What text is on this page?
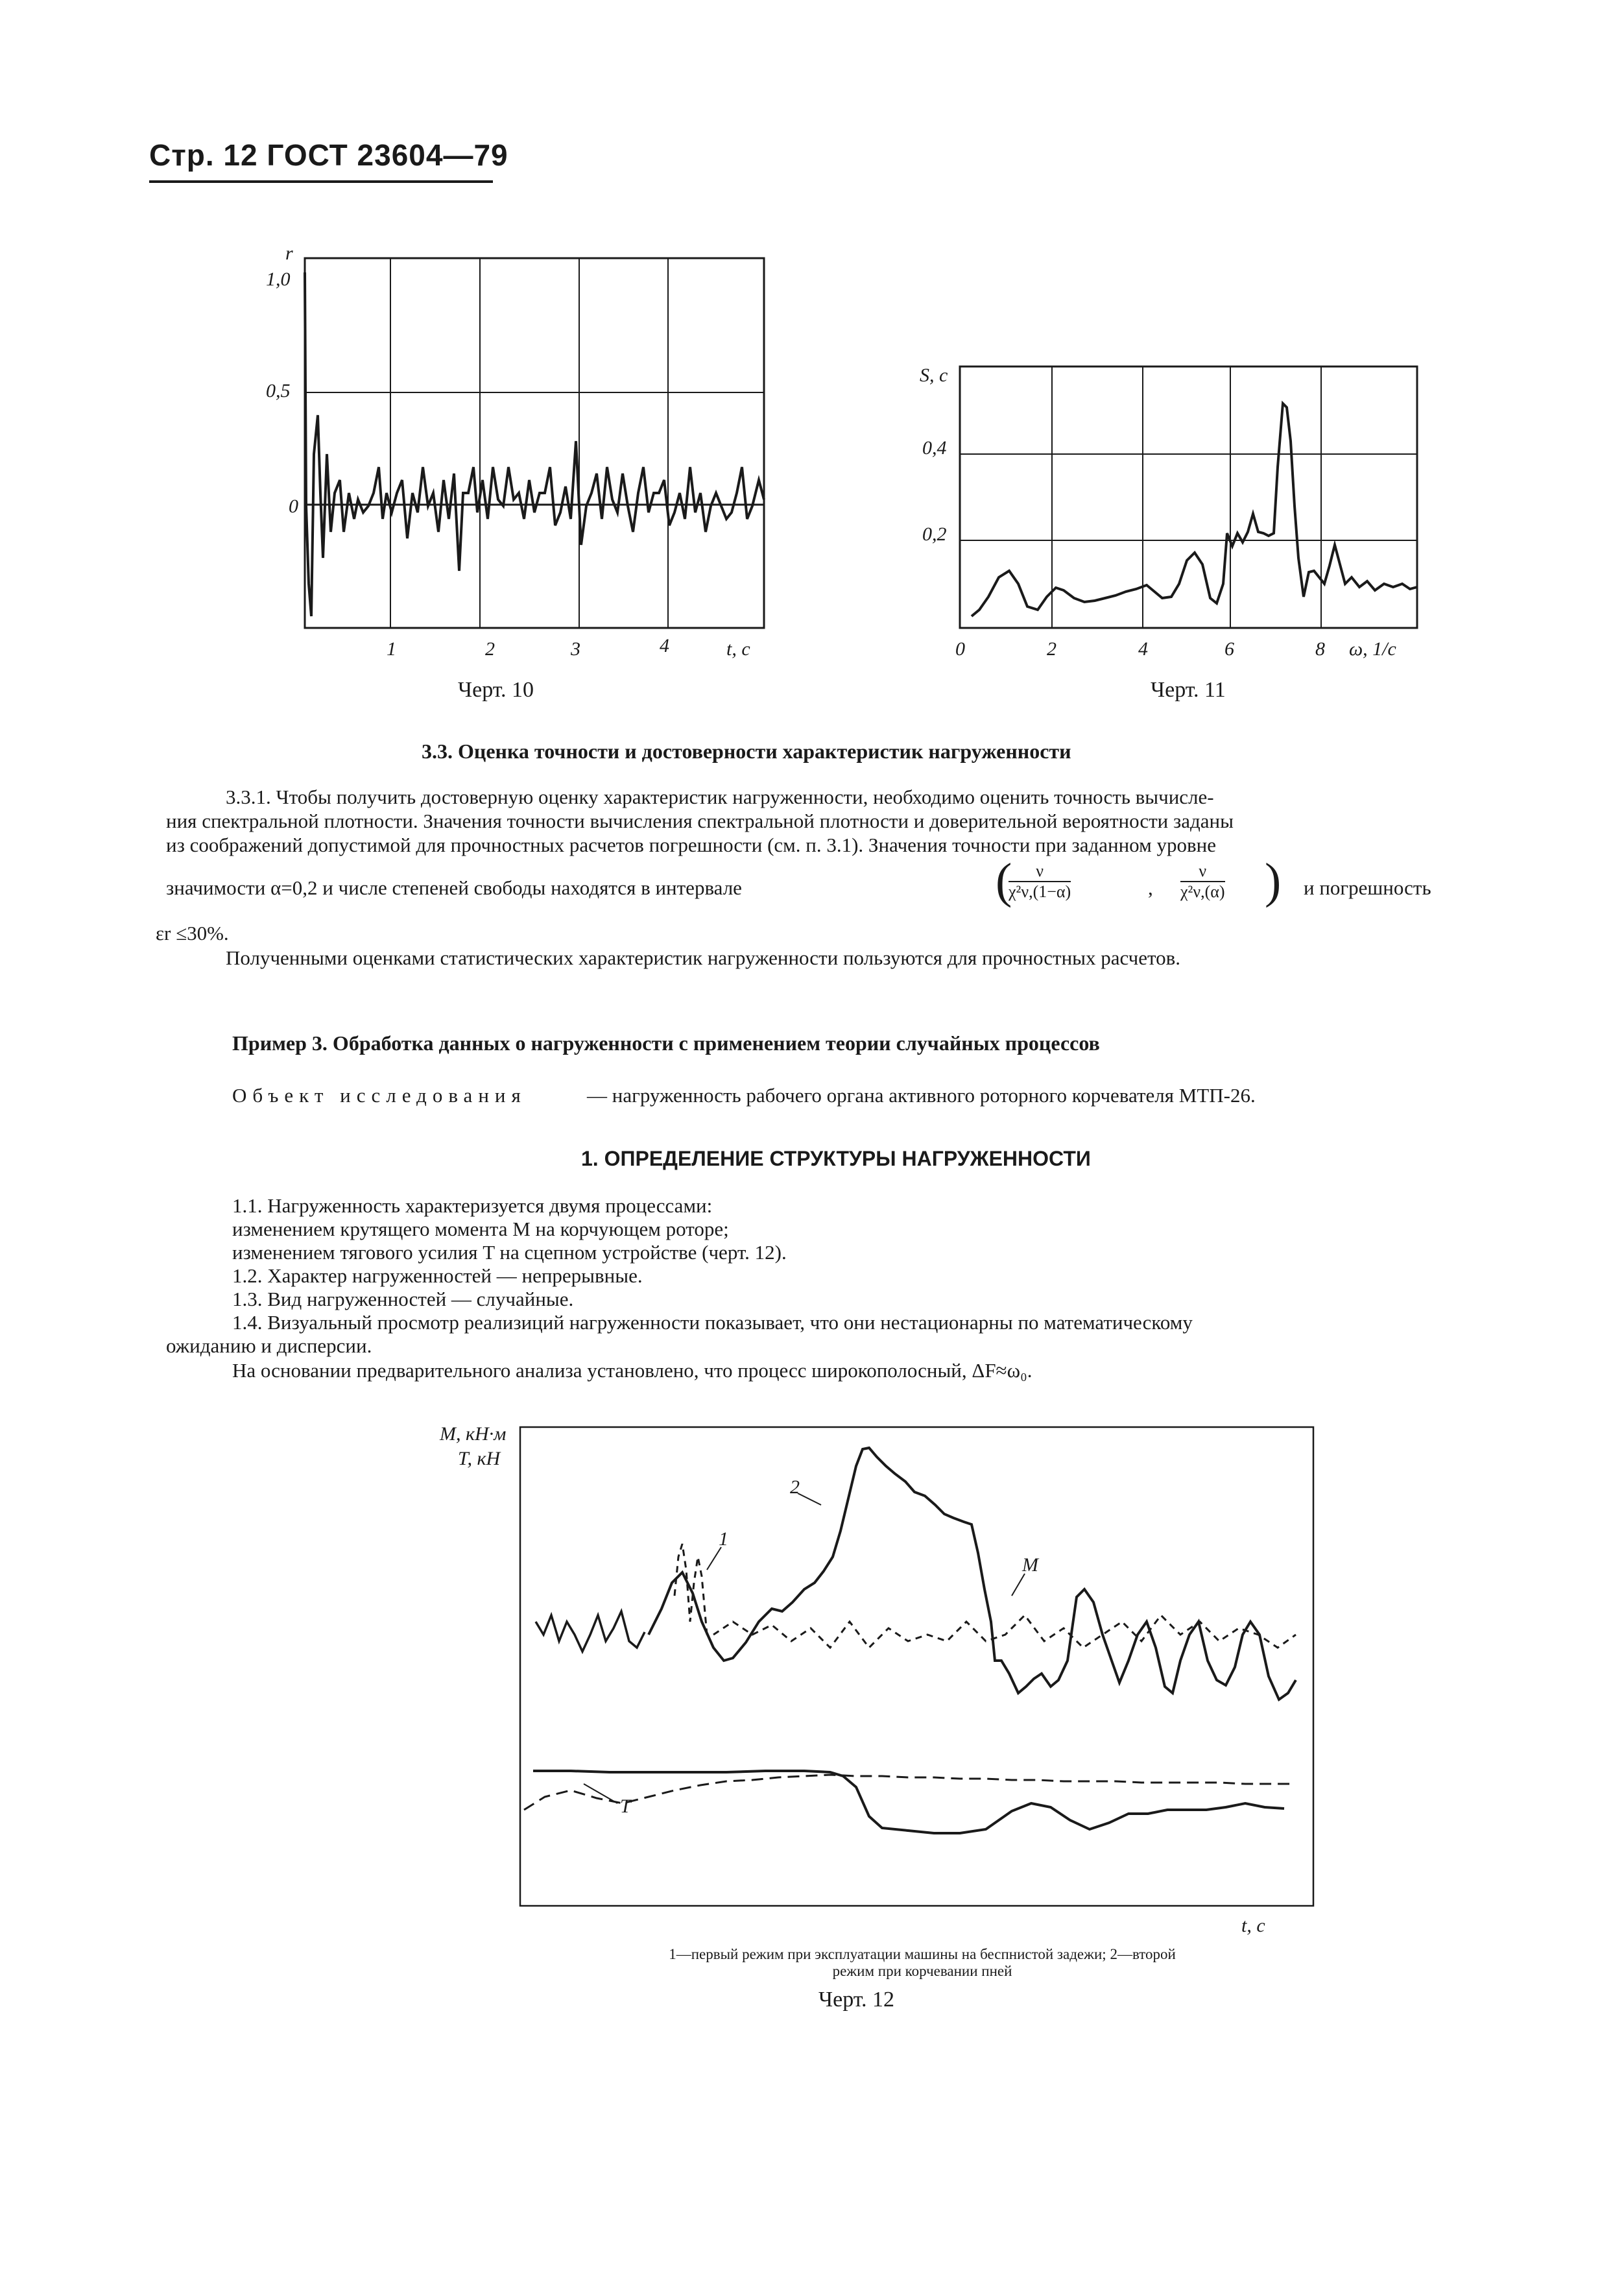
Стр. 12 ГОСТ 23604—79
r
1,0
0,5
0
1	2	3	4	t, c
S, c
0,4
0,2
0	2	4	6	8 ω, 1/c
М, кН·м
T, кН
2
1
М
T
t, c
Черт. 10	Черт. 11
3.3. Оценка точности и достоверности характеристик нагруженности
3.3.1. Чтобы получить достоверную оценку характеристик нагруженности, необходимо оценить точность вычисле-
ния спектральной плотности. Значения точности вычисления спектральной плотности и доверительной вероятности заданы
из соображений допустимой для прочностных расчетов погрешности (см. п. 3.1). Значения точности при заданном уровне
значимости α=0,2 и числе степеней свободы находятся в интервале	(
$\frac{\nu}{\text{χ²ν,(1−α)}}$	, $\frac{\nu}{\text{χ²ν,(α)}}$ ) и погрешность
εr ≤30%.
Полученными оценками статистических характеристик нагруженности пользуются для прочностных расчетов.
Пример 3. Обработка данных о нагруженности с применением теории случайных процессов
Объект исследования	— нагруженность рабочего органа активного роторного корчевателя МТП-26.
1. ОПРЕДЕЛЕНИЕ СТРУКТУРЫ НАГРУЖЕННОСТИ
1.1. Нагруженность характеризуется двумя процессами:
изменением крутящего момента М на корчующем роторе;
изменением тягового усилия T на сцепном устройстве (черт. 12).
1.2. Характер нагруженностей — непрерывные.
1.3. Вид нагруженностей — случайные.
1.4. Визуальный просмотр реализиций нагруженности показывает, что они нестационарны по математическому
ожиданию и дисперсии.
На основании предварительного анализа установлено, что процесс широкополосный, ΔF≈ω₀.
1—первый режим при эксплуатации машины на беспнистой задежи; 2—второй
режим при корчевании пней
Черт. 12
